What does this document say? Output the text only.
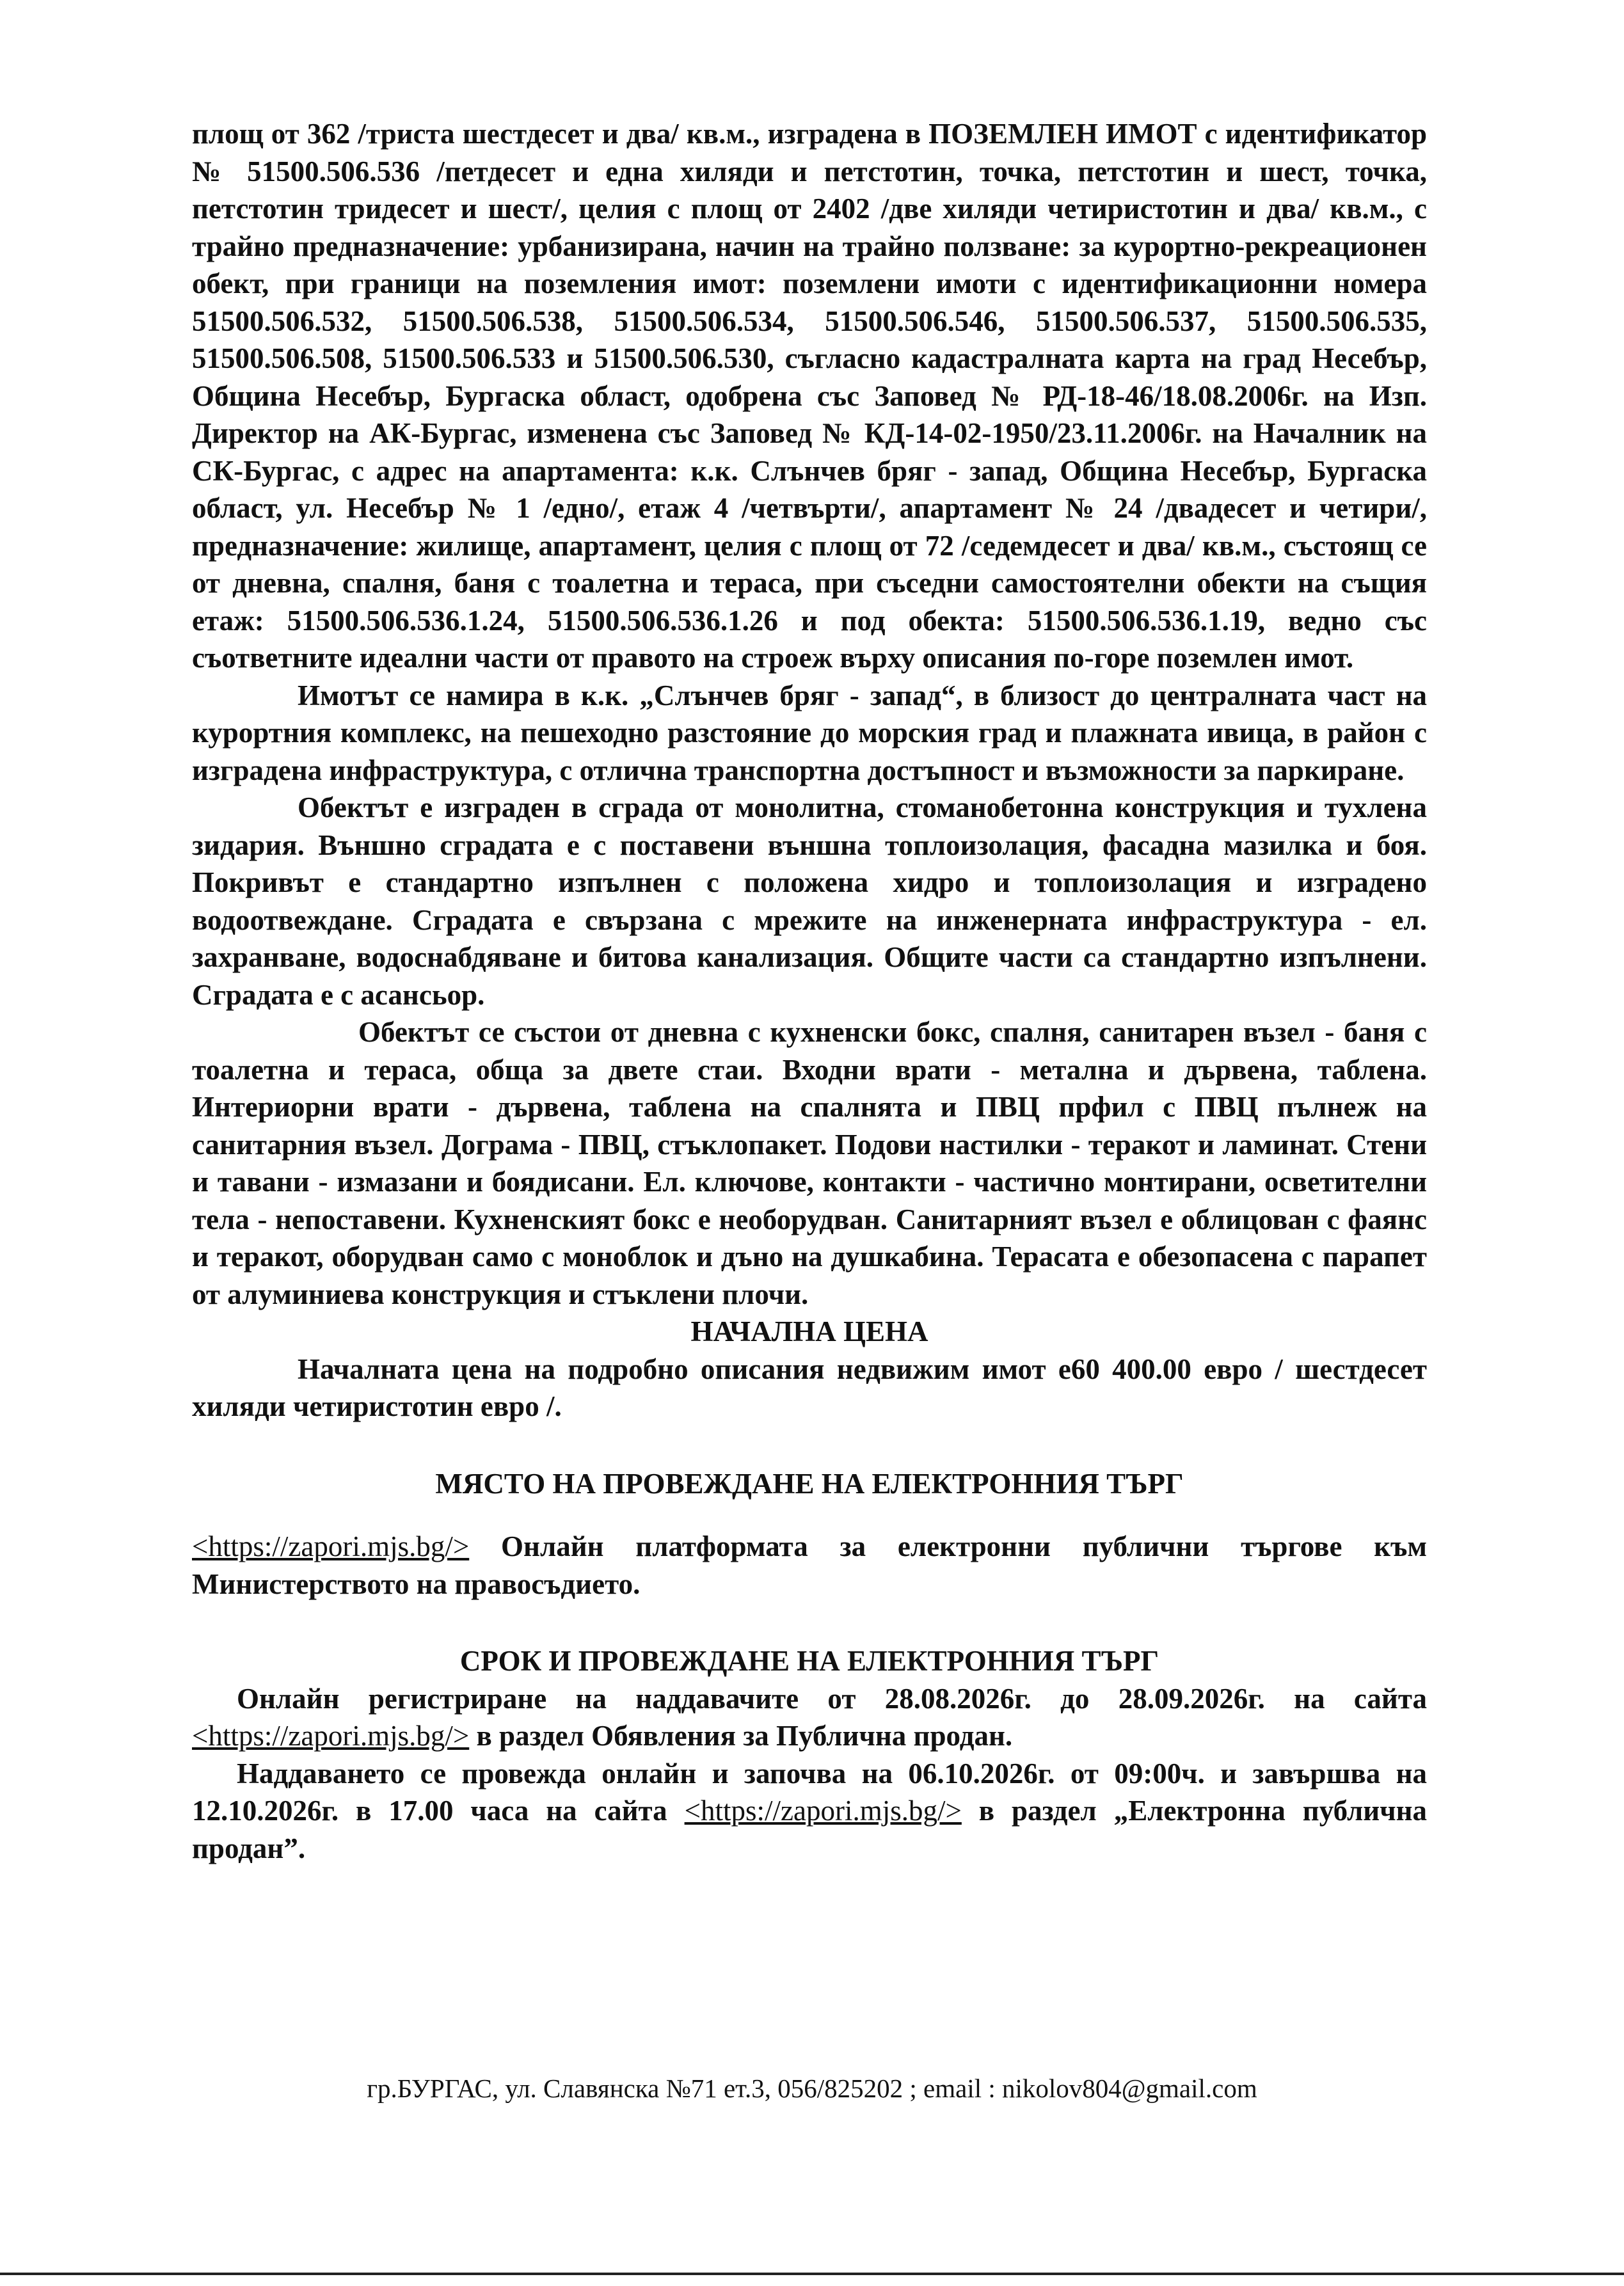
площ от 362 /триста шестдесет и два/ кв.м., изградена в ПОЗЕМЛЕН ИМОТ с идентификатор № 51500.506.536 /петдесет и една хиляди и петстотин, точка, петстотин и шест, точка, петстотин тридесет и шест/, целия с площ от 2402 /две хиляди четиристотин и два/ кв.м., с трайно предназначение: урбанизирана, начин на трайно ползване: за курортно-рекреационен обект, при граници на поземления имот: поземлени имоти с идентификационни номера 51500.506.532, 51500.506.538, 51500.506.534, 51500.506.546, 51500.506.537, 51500.506.535, 51500.506.508, 51500.506.533 и 51500.506.530, съгласно кадастралната карта на град Несебър, Община Несебър, Бургаска област, одобрена със Заповед № РД-18-46/18.08.2006г. на Изп. Директор на АК-Бургас, изменена със Заповед № КД-14-02-1950/23.11.2006г. на Началник на СК-Бургас, с адрес на апартамента: к.к. Слънчев бряг - запад, Община Несебър, Бургаска област, ул. Несебър № 1 /едно/, етаж 4 /четвърти/, апартамент № 24 /двадесет и четири/, предназначение: жилище, апартамент, целия с площ от 72 /седемдесет и два/ кв.м., състоящ се от дневна, спалня, баня с тоалетна и тераса, при съседни самостоятелни обекти на същия етаж: 51500.506.536.1.24, 51500.506.536.1.26 и под обекта: 51500.506.536.1.19, ведно със съответните идеални части от правото на строеж върху описания по-горе поземлен имот.

Имотът се намира в к.к. „Слънчев бряг - запад“, в близост до централната част на курортния комплекс, на пешеходно разстояние до морския град и плажната ивица, в район с изградена инфраструктура, с отлична транспортна достъпност и възможности за паркиране.

Обектът е изграден в сграда от монолитна, стоманобетонна конструкция и тухлена зидария. Външно сградата е с поставени външна топлоизолация, фасадна мазилка и боя. Покривът е стандартно изпълнен с положена хидро и топлоизолация и изградено водоотвеждане. Сградата е свързана с мрежите на инженерната инфраструктура - ел. захранване, водоснабдяване и битова канализация. Общите части са стандартно изпълнени. Сградата е с асансьор.

Обектът се състои от дневна с кухненски бокс, спалня, санитарен възел - баня с тоалетна и тераса, обща за двете стаи. Входни врати - метална и дървена, таблена. Интериорни врати - дървена, таблена на спалнята и ПВЦ прфил с ПВЦ пълнеж на санитарния възел. Дограма - ПВЦ, стъклопакет. Подови настилки - теракот и ламинат. Стени и тавани - измазани и боядисани. Ел. ключове, контакти - частично монтирани, осветителни тела - непоставени. Кухненският бокс е необорудван. Санитарният възел е облицован с фаянс и теракот, оборудван само с моноблок и дъно на душкабина. Терасата е обезопасена с парапет от алуминиева конструкция и стъклени плочи.

НАЧАЛНА ЦЕНА

Началната цена на подробно описания недвижим имот е60 400.00 евро / шестдесет хиляди четиристотин евро /.

МЯСТО НА ПРОВЕЖДАНЕ НА ЕЛЕКТРОННИЯ ТЪРГ

<https://zapori.mjs.bg/> Онлайн платформата за електронни публични търгове към Министерството на правосъдието.

СРОК И ПРОВЕЖДАНЕ НА ЕЛЕКТРОННИЯ ТЪРГ

Онлайн регистриране на наддавачите от 28.08.2026г. до 28.09.2026г. на сайта <https://zapori.mjs.bg/> в раздел Обявления за Публична продан.

Наддаването се провежда онлайн и започва на 06.10.2026г. от 09:00ч. и завършва на 12.10.2026г. в 17.00 часа на сайта <https://zapori.mjs.bg/> в раздел „Електронна публична продан”.

гр.БУРГАС, ул. Славянска №71 ет.3, 056/825202 ; email : nikolov804@gmail.com
